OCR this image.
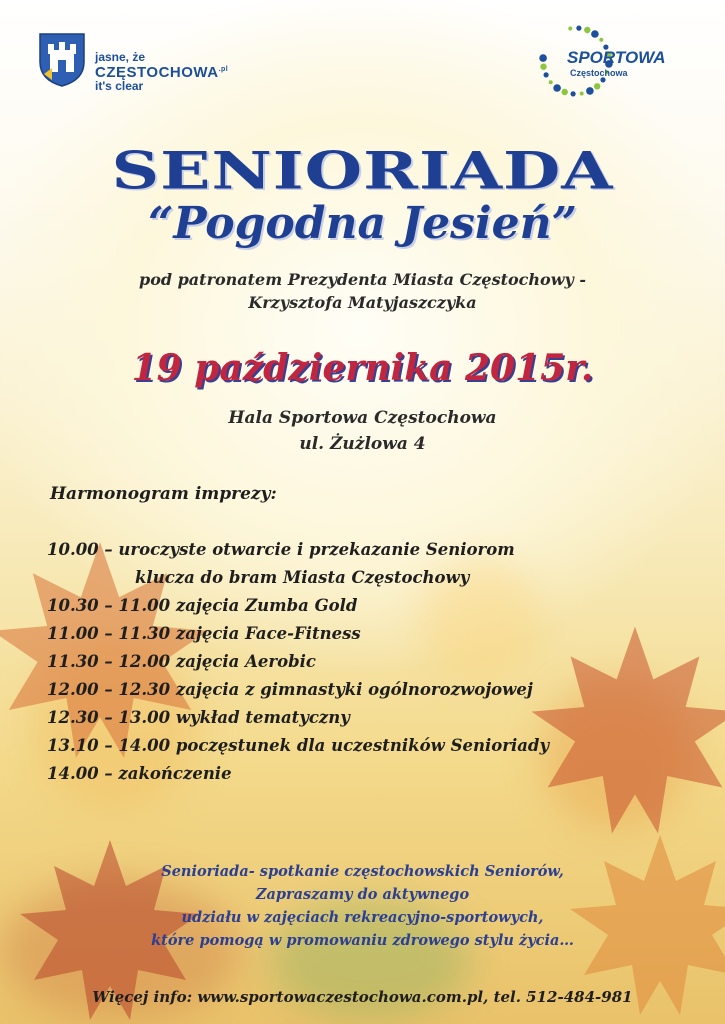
jasne, że
$CZĘSTOCHOWA^{.pl}$
it's clear
SPORTOWA
Częstochowa
SENIORIADA
“Pogodna Jesień”
pod patronatem Prezydenta Miasta Częstochowy -
Krzysztofa Matyjaszczyka
19 października 2015r.
Hala Sportowa Częstochowa
ul. Żużlowa 4
Harmonogram imprezy:
10.00 – uroczyste otwarcie i przekazanie Seniorom
klucza do bram Miasta Częstochowy
10.30 – 11.00 zajęcia Zumba Gold
11.00 – 11.30 zajęcia Face-Fitness
11.30 – 12.00 zajęcia Aerobic
12.00 – 12.30 zajęcia z gimnastyki ogólnorozwojowej
12.30 – 13.00 wykład tematyczny
13.10 – 14.00 poczęstunek dla uczestników Senioriady
14.00 – zakończenie
Senioriada- spotkanie częstochowskich Seniorów,
Zapraszamy do aktywnego
udziału w zajęciach rekreacyjno-sportowych,
które pomogą w promowaniu zdrowego stylu życia…
Więcej info: www.sportowaczestochowa.com.pl, tel. 512-484-981
